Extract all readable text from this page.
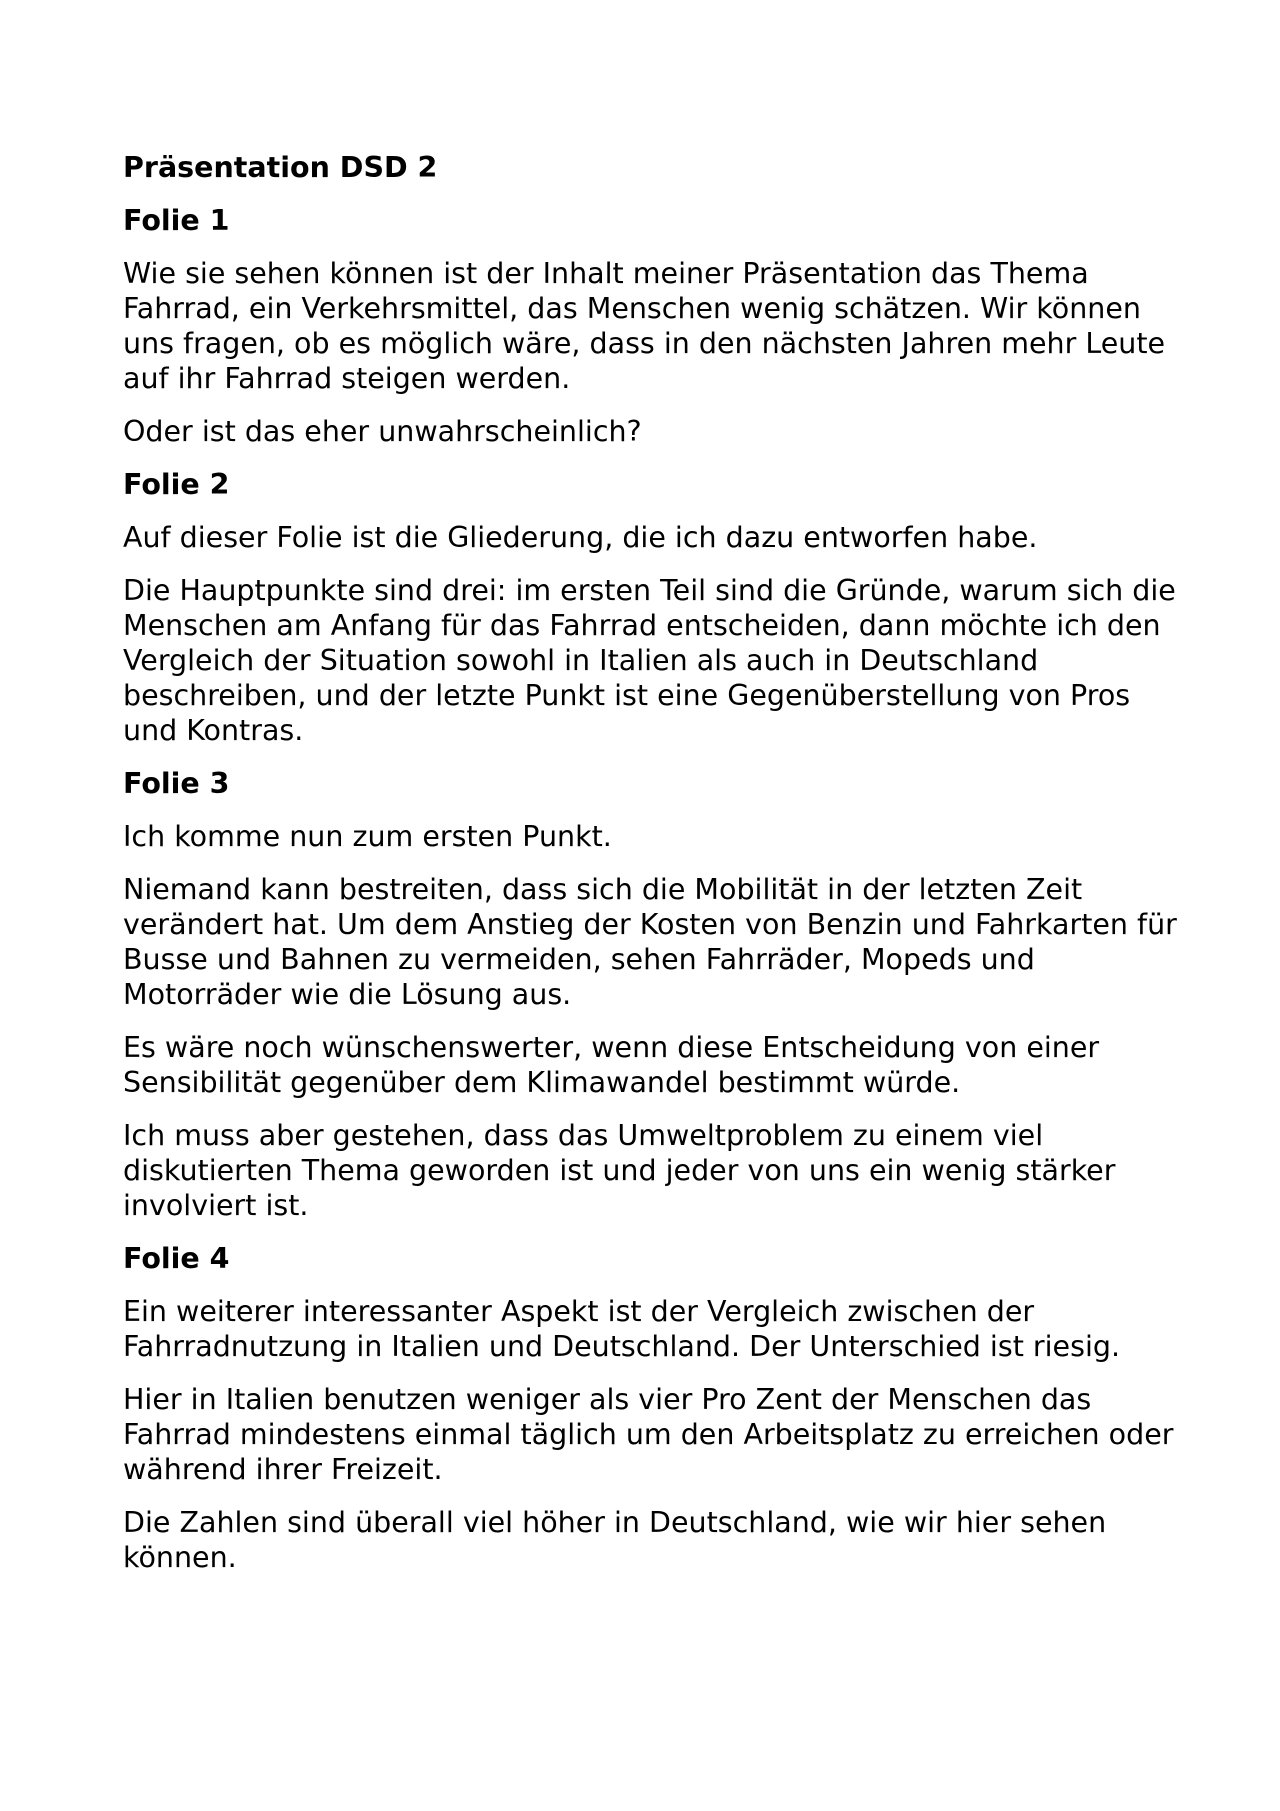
Präsentation DSD 2
Folie 1

Wie sie sehen können ist der Inhalt meiner Präsentation das Thema Fahrrad, ein Verkehrsmittel, das Menschen wenig schätzen. Wir können uns fragen, ob es möglich wäre, dass in den nächsten Jahren mehr Leute auf ihr Fahrrad steigen werden.

Oder ist das eher unwahrscheinlich?

Folie 2

Auf dieser Folie ist die Gliederung, die ich dazu entworfen habe.

Die Hauptpunkte sind drei: im ersten Teil sind die Gründe, warum sich die Menschen am Anfang für das Fahrrad entscheiden, dann möchte ich den Vergleich der Situation sowohl in Italien als auch in Deutschland beschreiben, und der letzte Punkt ist eine Gegenüberstellung von Pros und Kontras.

Folie 3

Ich komme nun zum ersten Punkt.

Niemand kann bestreiten, dass sich die Mobilität in der letzten Zeit verändert hat. Um dem Anstieg der Kosten von Benzin und Fahrkarten für Busse und Bahnen zu vermeiden, sehen Fahrräder, Mopeds und Motorräder wie die Lösung aus.

Es wäre noch wünschenswerter, wenn diese Entscheidung von einer Sensibilität gegenüber dem Klimawandel bestimmt würde.

Ich muss aber gestehen, dass das Umweltproblem zu einem viel diskutierten Thema geworden ist und jeder von uns ein wenig stärker involviert ist.

Folie 4

Ein weiterer interessanter Aspekt ist der Vergleich zwischen der Fahrradnutzung in Italien und Deutschland. Der Unterschied ist riesig.

Hier in Italien benutzen weniger als vier Pro Zent der Menschen das Fahrrad mindestens einmal täglich um den Arbeitsplatz zu erreichen oder während ihrer Freizeit.

Die Zahlen sind überall viel höher in Deutschland, wie wir hier sehen können.
